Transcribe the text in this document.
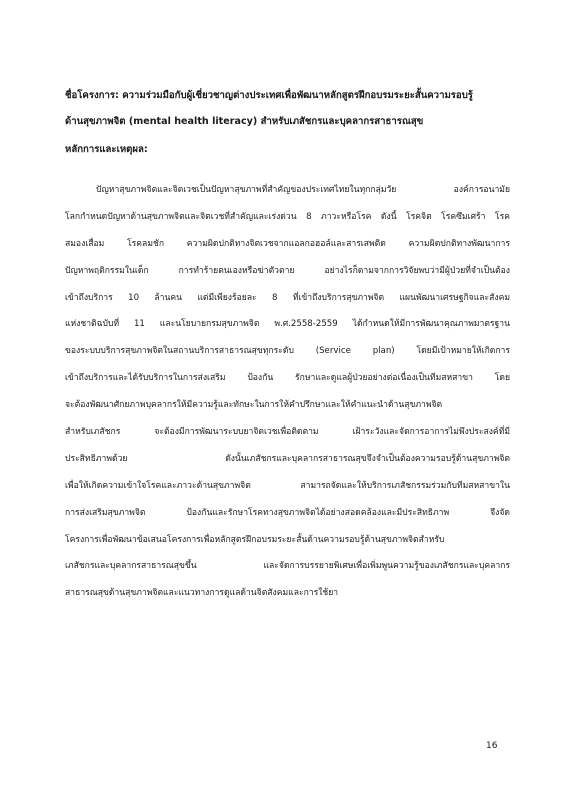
ชื่อโครงการ: ความร่วมมือกับผู้เชี่ยวชาญต่างประเทศเพื่อพัฒนาหลักสูตรฝึกอบรมระยะสั้นความรอบรู้
ด้านสุขภาพจิต (mental health literacy) สำหรับเภสัชกรและบุคลากรสาธารณสุข
หลักการและเหตุผล:
ปัญหาสุขภาพจิตและจิตเวชเป็นปัญหาสุขภาพที่สำคัญของประเทศไทยในทุกกลุ่มวัย องค์การอนามัย
โลกกำหนดปัญหาด้านสุขภาพจิตและจิตเวชที่สำคัญและเร่งด่วน 8 ภาวะหรือโรค ดังนี้ โรคจิต โรคซึมเศร้า โรค
สมองเสื่อม โรคลมชัก ความผิดปกติทางจิตเวชจากแอลกอฮอล์และสารเสพติด ความผิดปกติทางพัฒนาการ
ปัญหาพฤติกรรมในเด็ก การทำร้ายตนเองหรือฆ่าตัวตาย อย่างไรก็ตามจากการวิจัยพบว่ามีผู้ป่วยที่จำเป็นต้อง
เข้าถึงบริการ 10 ล้านคน แต่มีเพียงร้อยละ 8 ที่เข้าถึงบริการสุขภาพจิต แผนพัฒนาเศรษฐกิจและสังคม
แห่งชาติฉบับที่ 11 และนโยบายกรมสุขภาพจิต พ.ศ.2558-2559 ได้กำหนดให้มีการพัฒนาคุณภาพมาตรฐาน
ของระบบบริการสุขภาพจิตในสถานบริการสาธารณสุขทุกระดับ (Service plan) โดยมีเป้าหมายให้เกิดการ
เข้าถึงบริการและได้รับบริการในการส่งเสริม ป้องกัน รักษาและดูแลผู้ป่วยอย่างต่อเนื่องเป็นทีมสหสาขา โดย
จะต้องพัฒนาศักยภาพบุคลากรให้มีความรู้และทักษะในการให้คำปรึกษาและให้คำแนะนำด้านสุขภาพจิต
สำหรับเภสัชกร จะต้องมีการพัฒนาระบบยาจิตเวชเพื่อติดตาม เฝ้าระวังและจัดการอาการไม่พึงประสงค์ที่มี
ประสิทธิภาพด้วย ดังนั้นเภสัชกรและบุคลากรสาธารณสุขจึงจำเป็นต้องความรอบรู้ด้านสุขภาพจิต
เพื่อให้เกิดความเข้าใจโรคและภาวะด้านสุขภาพจิต สามารถจัดและให้บริการเภสัชกรรมร่วมกับทีมสหสาขาใน
การส่งเสริมสุขภาพจิต ป้องกันและรักษาโรคทางสุขภาพจิตได้อย่างสอดคล้องและมีประสิทธิภาพ จึงจัด
โครงการเพื่อพัฒนาข้อเสนอโครงการเพื่อหลักสูตรฝึกอบรมระยะสั้นด้านความรอบรู้ด้านสุขภาพจิตสำหรับ
เภสัชกรและบุคลากรสาธารณสุขขึ้น และจัดการบรรยายพิเศษเพื่อเพิ่มพูนความรู้ของเภสัชกรและบุคลากร
สาธารณสุขด้านสุขภาพจิตและแนวทางการดูแลด้านจิตสังคมและการใช้ยา
16
